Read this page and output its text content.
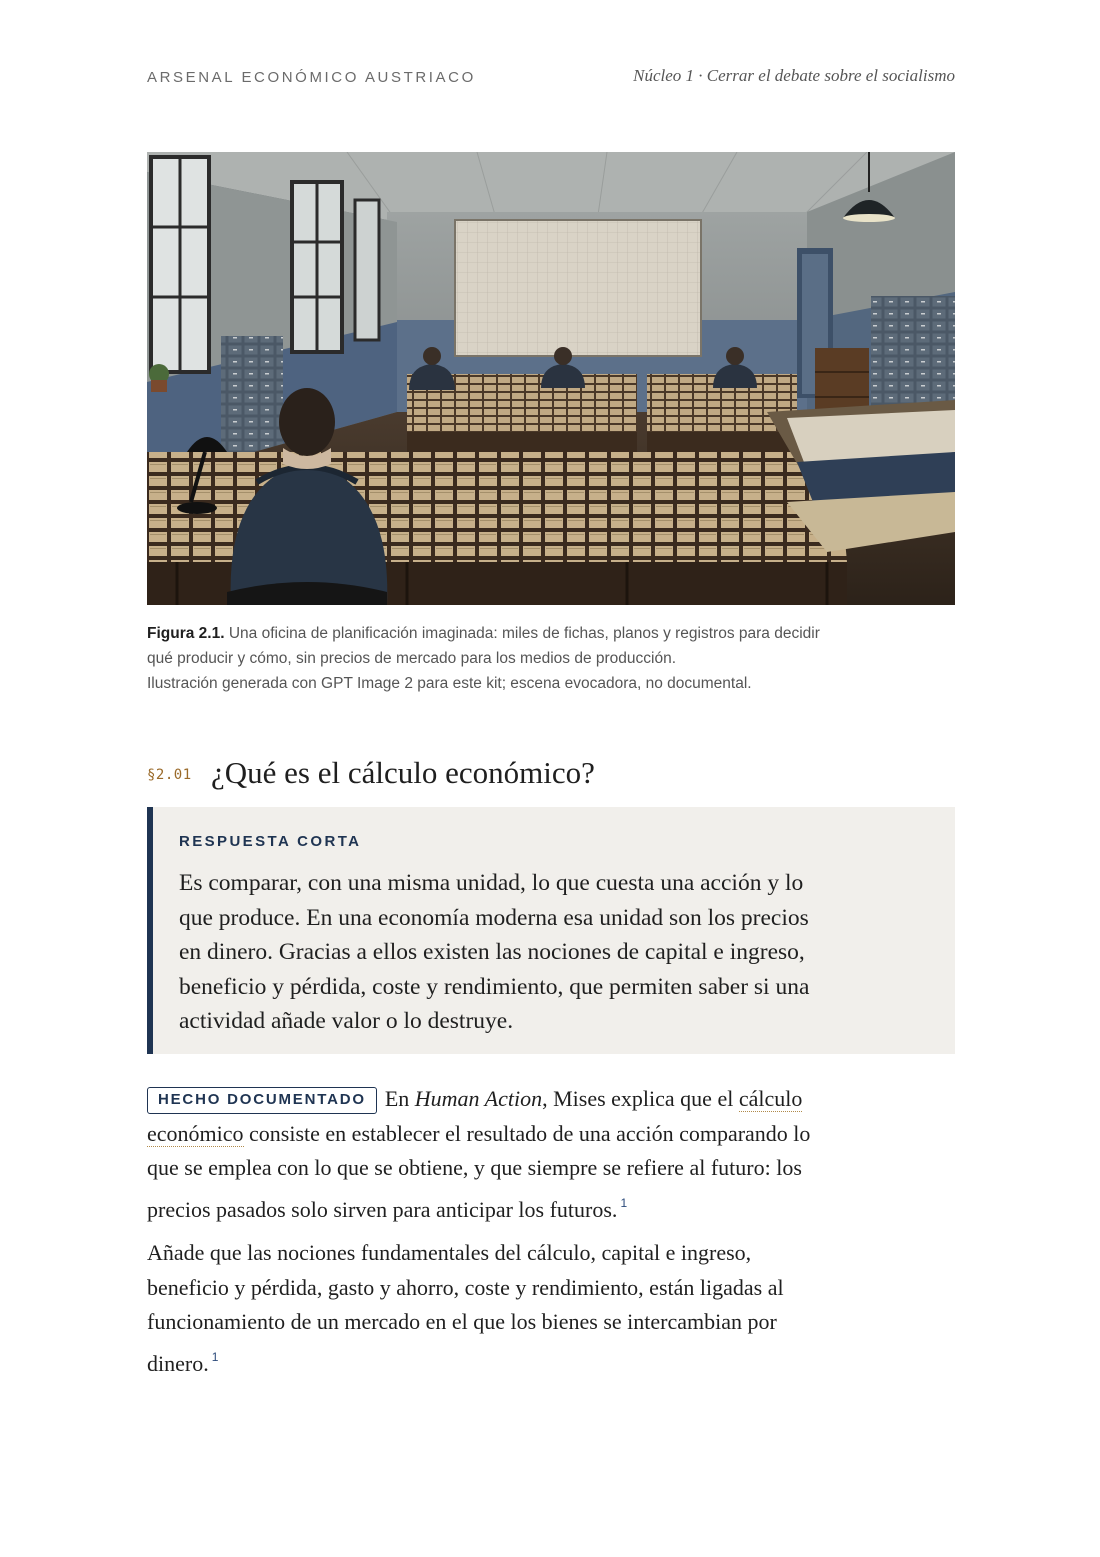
ARSENAL ECONÓMICO AUSTRIACO	Núcleo 1 · Cerrar el debate sobre el socialismo
Figura 2.1. Una oficina de planificación imaginada: miles de fichas, planos y registros para decidir
qué producir y cómo, sin precios de mercado para los medios de producción.
Ilustración generada con GPT Image 2 para este kit; escena evocadora, no documental.
§2.01 ¿Qué es el cálculo económico?
RESPUESTA CORTA
Es comparar, con una misma unidad, lo que cuesta una acción y lo
que produce. En una economía moderna esa unidad son los precios
en dinero. Gracias a ellos existen las nociones de capital e ingreso,
beneficio y pérdida, coste y rendimiento, que permiten saber si una
actividad añade valor o lo destruye.
HECHO DOCUMENTADO En Human Action, Mises explica que el cálculo
económico consiste en establecer el resultado de una acción comparando lo
que se emplea con lo que se obtiene, y que siempre se refiere al futuro: los
precios pasados solo sirven para anticipar los futuros. $^1$
Añade que las nociones fundamentales del cálculo, capital e ingreso,
beneficio y pérdida, gasto y ahorro, coste y rendimiento, están ligadas al
funcionamiento de un mercado en el que los bienes se intercambian por
dinero. $^1$
